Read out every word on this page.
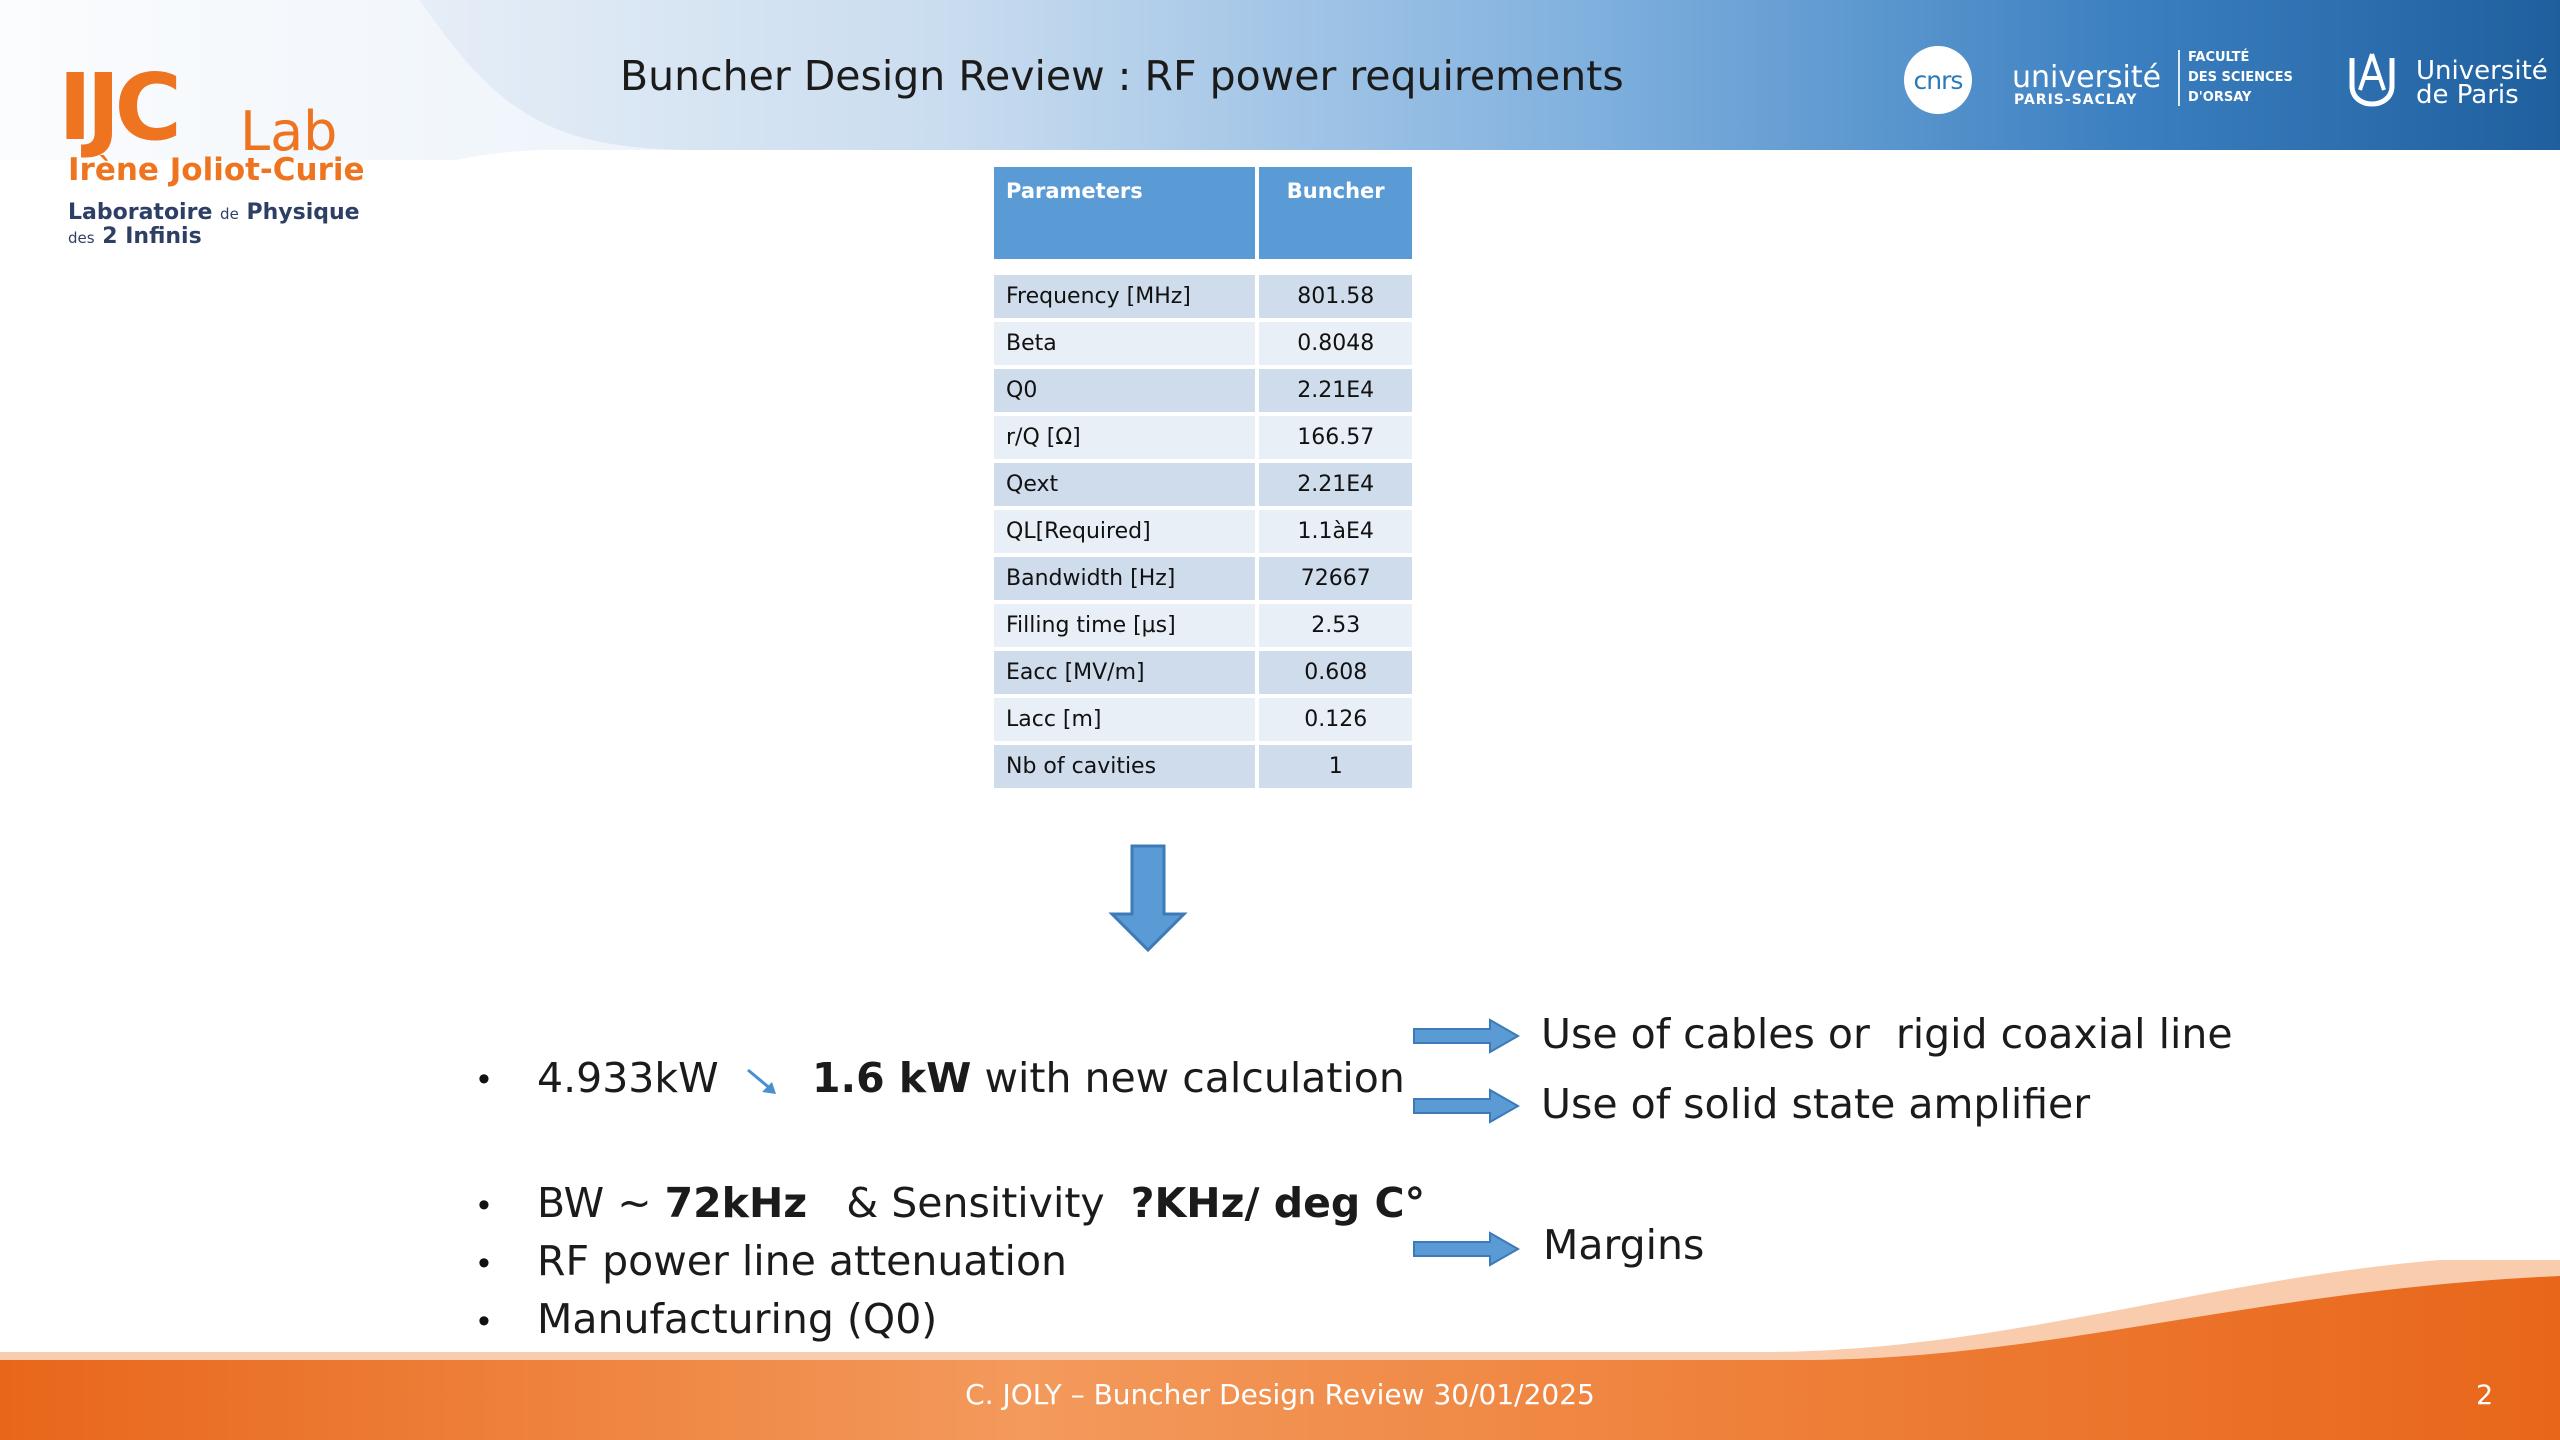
IJC Lab
Irène Joliot-Curie
Laboratoire de Physique
des 2 Infinis
Buncher Design Review : RF power requirements	cnrs	université
PARIS-SACLAY
FACULTÉ
DES SCIENCES
D'ORSAY
Université
de Paris
Parameters	Buncher

Frequency [MHz]	801.58
Beta	0.8048
Q0	2.21E4
r/Q [Ω]	166.57
Qext	2.21E4
QL[Required]	1.1àE4
Bandwidth [Hz]	72667
Filling time [µs]	2.53
Eacc [MV/m]	0.608
Lacc [m]	0.126
Nb of cavities	1
• 4.933kW 1.6 kW with new calculation
• BW ~ 72kHz   & Sensitivity  ?KHz/ deg C°
• RF power line attenuation
• Manufacturing (Q0)
Use of cables or  rigid coaxial line
Use of solid state amplifier
Margins
C. JOLY – Buncher Design Review 30/01/2025	2
